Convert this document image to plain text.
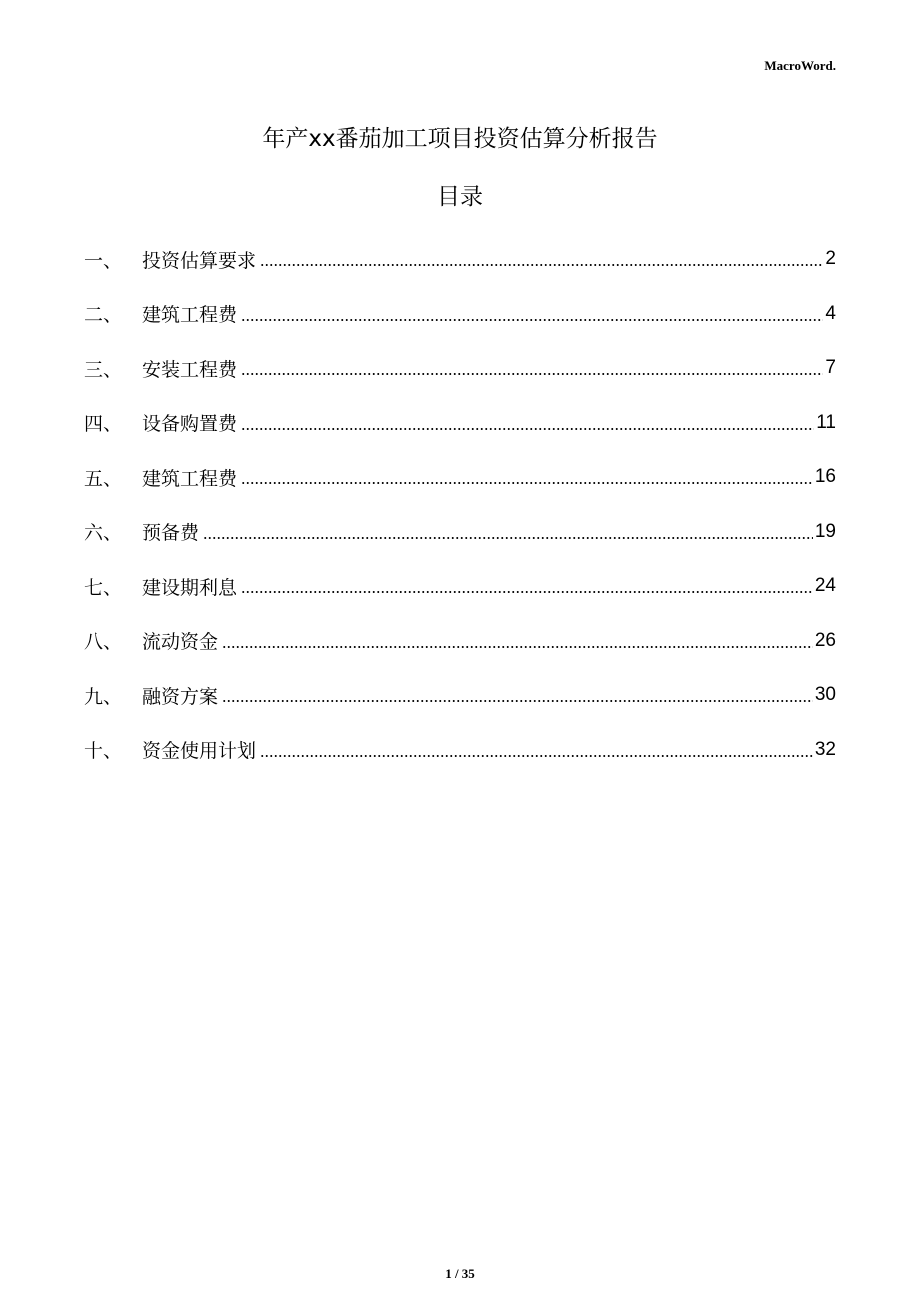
MacroWord.
年产xx番茄加工项目投资估算分析报告
目录
一、	投资估算要求	2
二、	建筑工程费	4
三、	安装工程费	7
四、	设备购置费	11
五、	建筑工程费	16
六、	预备费	19
七、	建设期利息	24
八、	流动资金	26
九、	融资方案	30
十、	资金使用计划	32
1 / 35
